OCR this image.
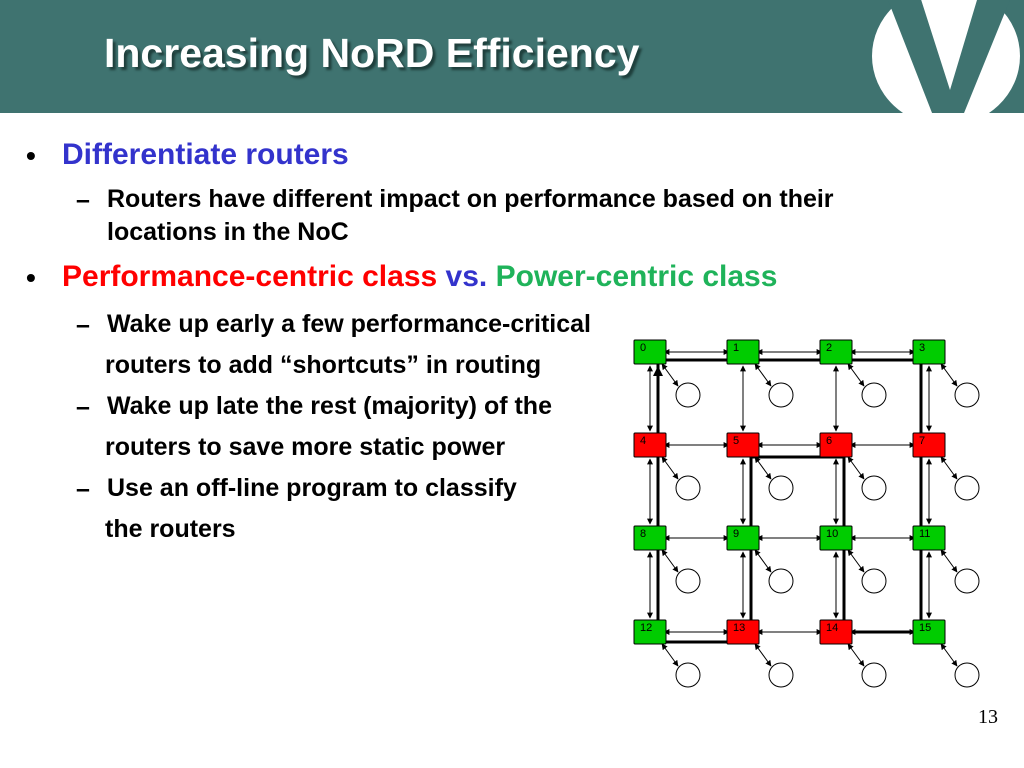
Increasing NoRD Efficiency
• Differentiate routers

– Routers have different impact on performance based on their

locations in the NoC

• Performance-centric class vs. Power-centric class

– Wake up early a few performance-critical

routers to add “shortcuts” in routing

– Wake up late the rest (majority) of the

routers to save more static power

– Use an off-line program to classify

the routers

0	1	2	3
4	5	6	7
8	9	10	11
12	13	14	15
13
